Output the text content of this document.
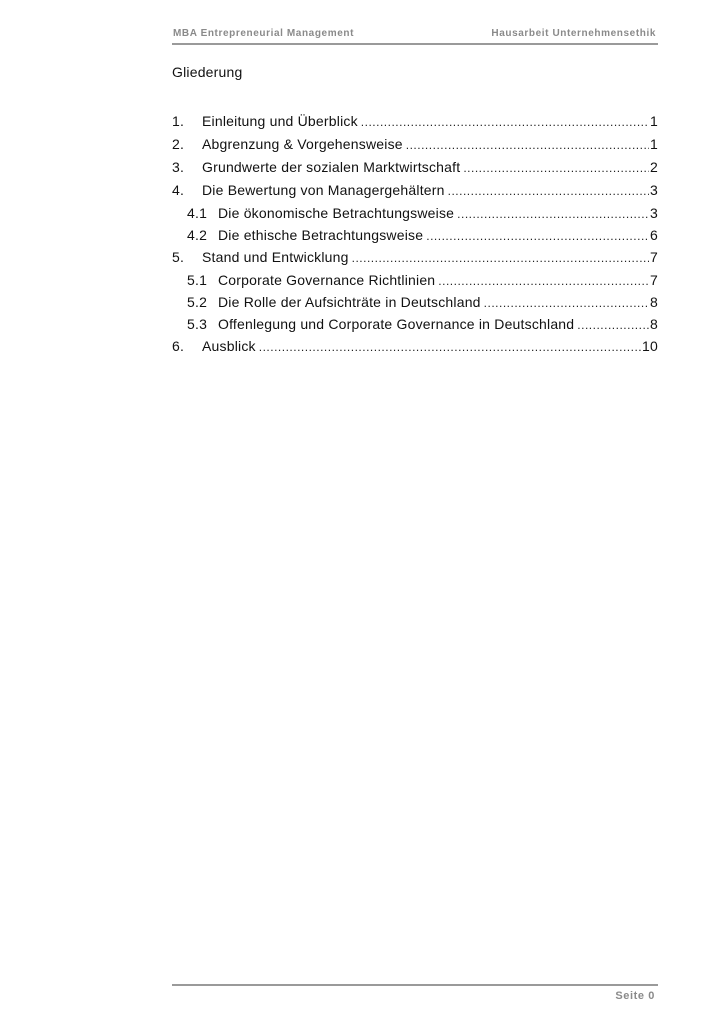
MBA Entrepreneurial Management	Hausarbeit Unternehmensethik
Gliederung
1.	Einleitung und Überblick .....	1
2.	Abgrenzung & Vorgehensweise .....	1
3.	Grundwerte der sozialen Marktwirtschaft .....	2
4.	Die Bewertung von Managergehältern .....	3
4.1 Die ökonomische Betrachtungsweise .....	3
4.2 Die ethische Betrachtungsweise .....	6
5.	Stand und Entwicklung .....	7
5.1 Corporate Governance Richtlinien .....	7
5.2 Die Rolle der Aufsichträte in Deutschland .....	8
5.3 Offenlegung und Corporate Governance in Deutschland .....	8
6.	Ausblick .....	10
Seite 0
